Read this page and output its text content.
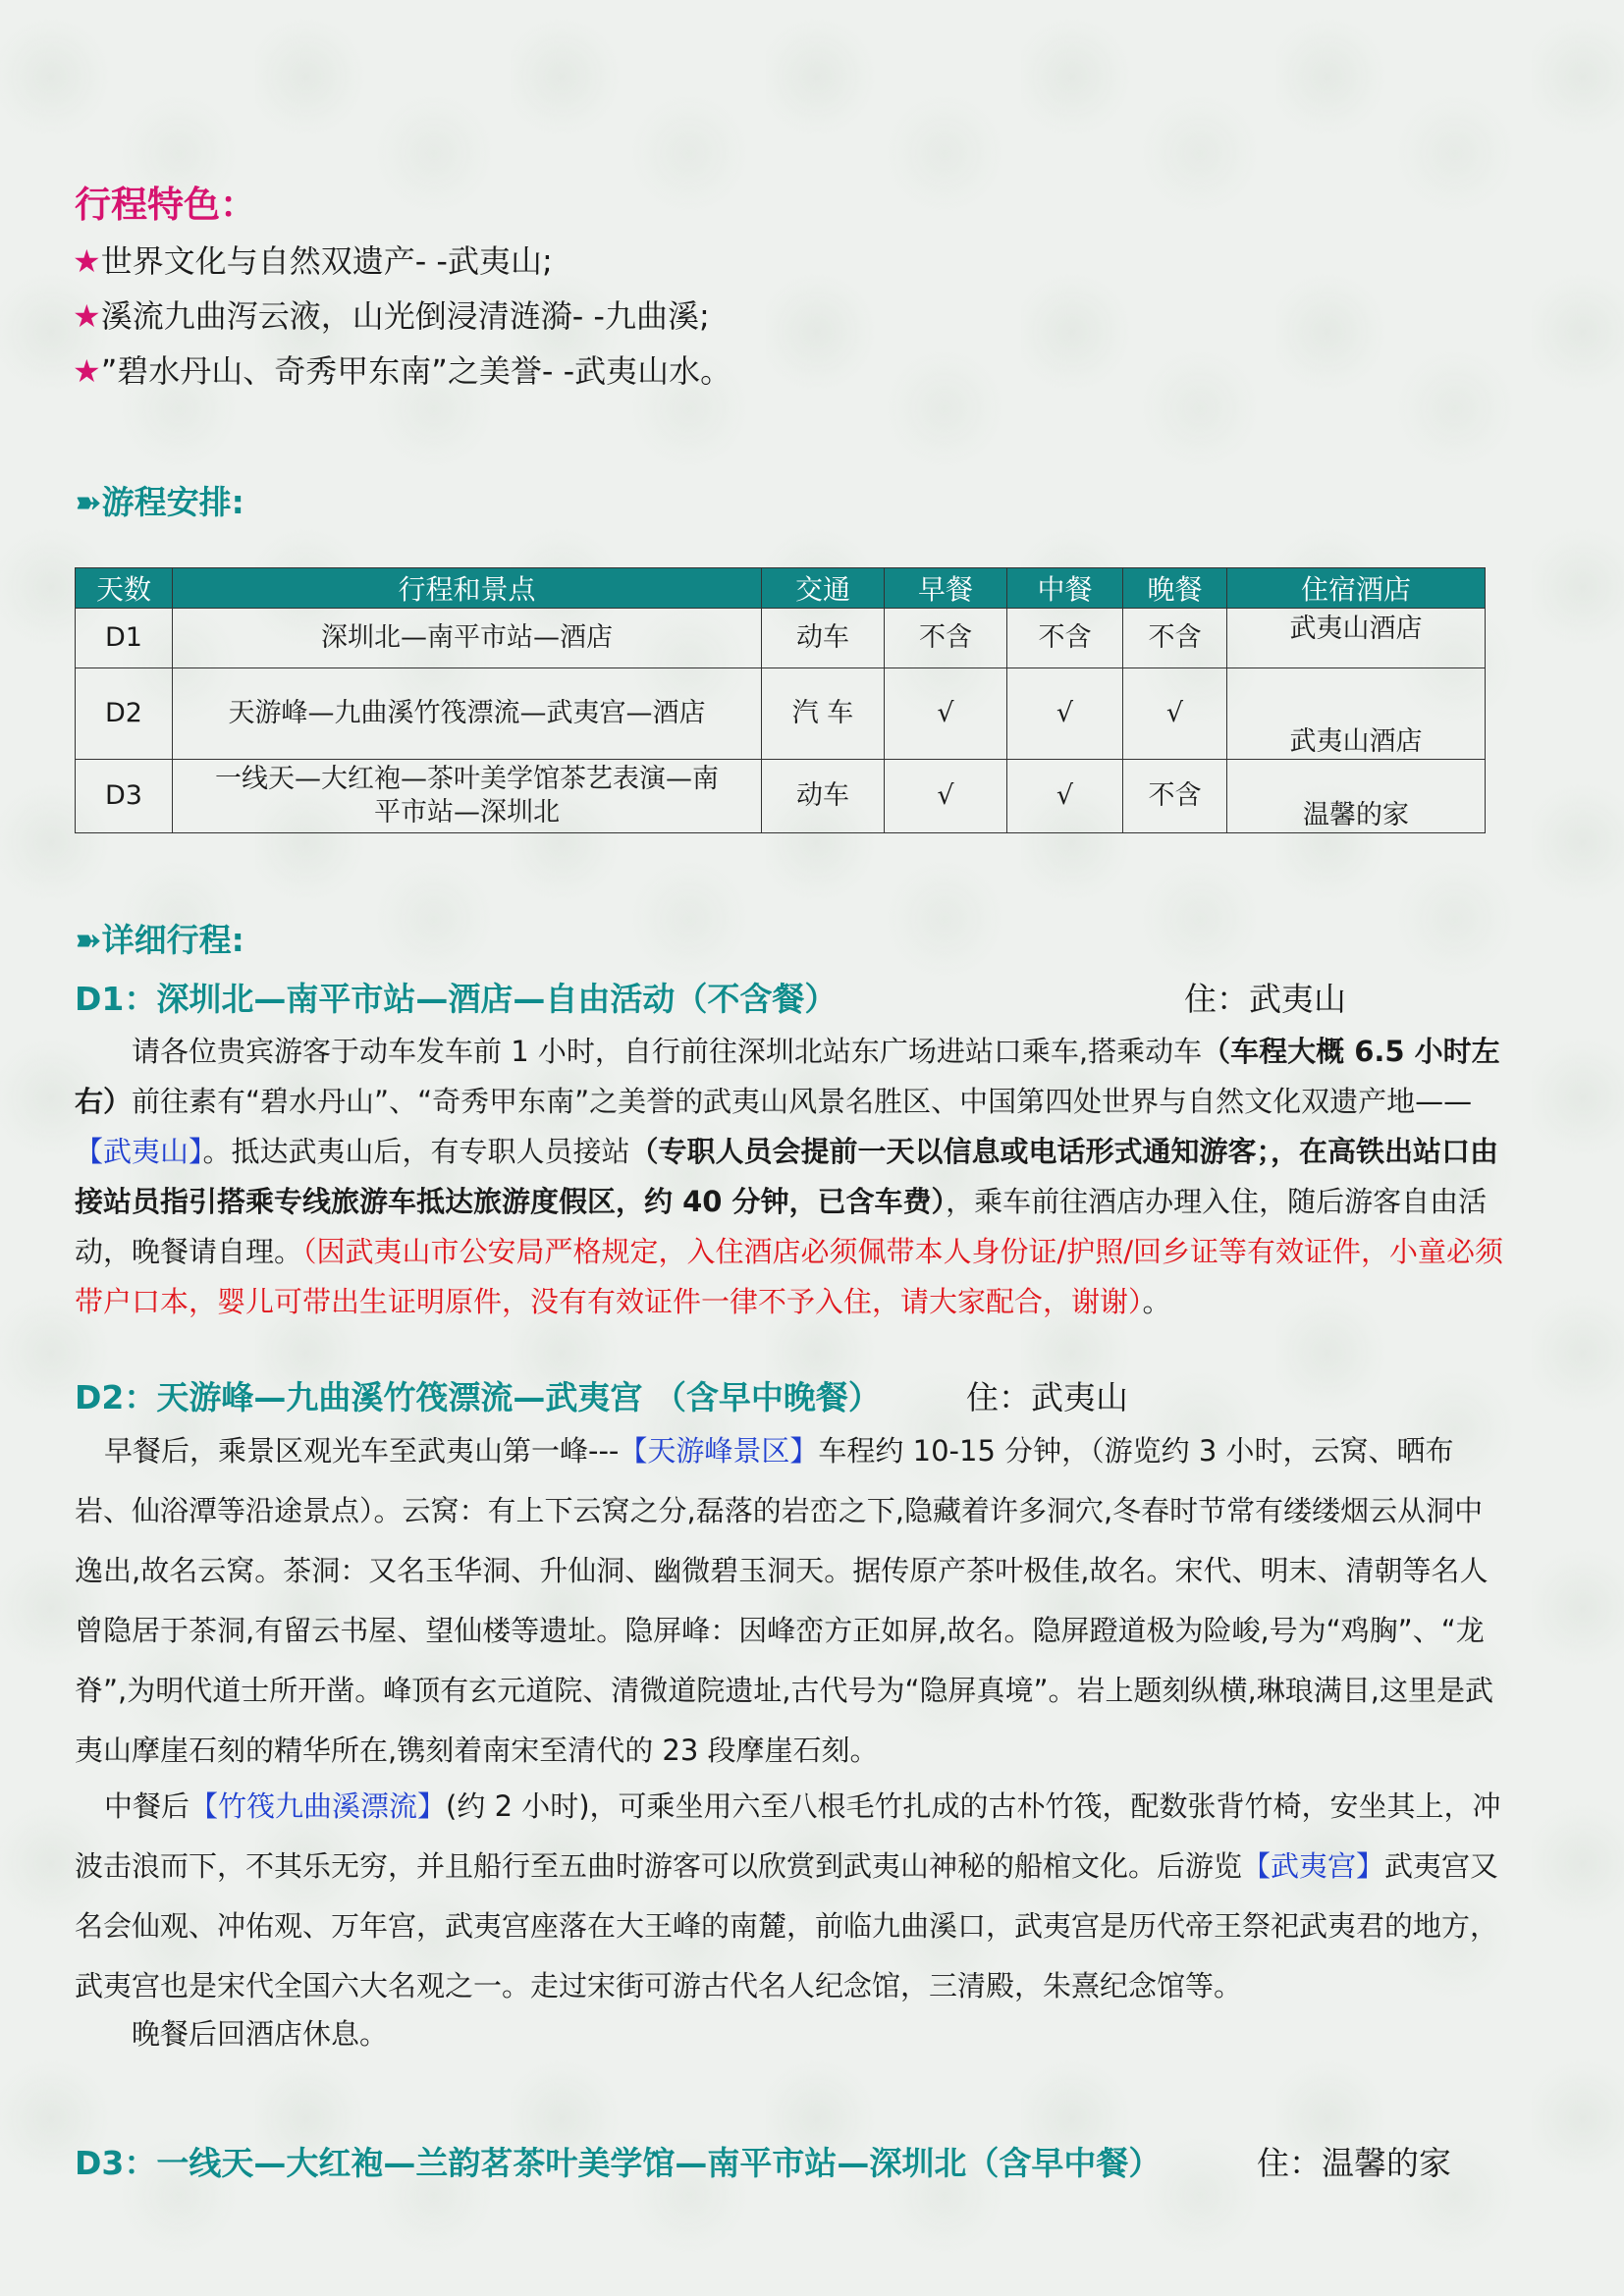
行程特色：
★世界文化与自然双遗产- -武夷山;
★溪流九曲泻云液，山光倒浸清涟漪- -九曲溪;
★”碧水丹山、奇秀甲东南”之美誉- -武夷山水。
➽游程安排:
天数	行程和景点	交通	早餐	中餐	晚餐	住宿酒店
D1	深圳北—南平市站—酒店	动车	不含	不含	不含	武夷山酒店
D2	天游峰—九曲溪竹筏漂流—武夷宫—酒店	汽 车	√	√	√	武夷山酒店
D3	一线天—大红袍—茶叶美学馆茶艺表演—南平市站—深圳北	动车	√	√	不含	温馨的家
➽详细行程:
D1：深圳北—南平市站—酒店—自由活动（不含餐）	住：武夷山
请各位贵宾游客于动车发车前 1 小时，自行前往深圳北站东广场进站口乘车,搭乘动车（车程大概 6.5 小时左右）前往素有“碧水丹山”、“奇秀甲东南”之美誉的武夷山风景名胜区、中国第四处世界与自然文化双遗产地——【武夷山】。抵达武夷山后，有专职人员接站（专职人员会提前一天以信息或电话形式通知游客；，在高铁出站口由接站员指引搭乘专线旅游车抵达旅游度假区，约 40 分钟，已含车费），乘车前往酒店办理入住，随后游客自由活动，晚餐请自理。（因武夷山市公安局严格规定，入住酒店必须佩带本人身份证/护照/回乡证等有效证件，小童必须带户口本，婴儿可带出生证明原件，没有有效证件一律不予入住，请大家配合，谢谢）。
D2：天游峰—九曲溪竹筏漂流—武夷宫 （含早中晚餐）	住：武夷山
早餐后，乘景区观光车至武夷山第一峰---【天游峰景区】车程约 10-15 分钟，（游览约 3 小时，云窝、晒布岩、仙浴潭等沿途景点）。云窝：有上下云窝之分,磊落的岩峦之下,隐藏着许多洞穴,冬春时节常有缕缕烟云从洞中逸出,故名云窝。茶洞：又名玉华洞、升仙洞、幽微碧玉洞天。据传原产茶叶极佳,故名。宋代、明末、清朝等名人曾隐居于茶洞,有留云书屋、望仙楼等遗址。隐屏峰：因峰峦方正如屏,故名。隐屏蹬道极为险峻,号为“鸡胸”、“龙脊”,为明代道士所开凿。峰顶有玄元道院、清微道院遗址,古代号为“隐屏真境”。岩上题刻纵横,琳琅满目,这里是武夷山摩崖石刻的精华所在,镌刻着南宋至清代的 23 段摩崖石刻。
中餐后【竹筏九曲溪漂流】(约 2 小时)，可乘坐用六至八根毛竹扎成的古朴竹筏，配数张背竹椅，安坐其上，冲波击浪而下，不其乐无穷，并且船行至五曲时游客可以欣赏到武夷山神秘的船棺文化。后游览【武夷宫】武夷宫又名会仙观、冲佑观、万年宫，武夷宫座落在大王峰的南麓，前临九曲溪口，武夷宫是历代帝王祭祀武夷君的地方，武夷宫也是宋代全国六大名观之一。走过宋街可游古代名人纪念馆，三清殿，朱熹纪念馆等。
晚餐后回酒店休息。
D3：一线天—大红袍—兰韵茗茶叶美学馆—南平市站—深圳北（含早中餐）	住：温馨的家
